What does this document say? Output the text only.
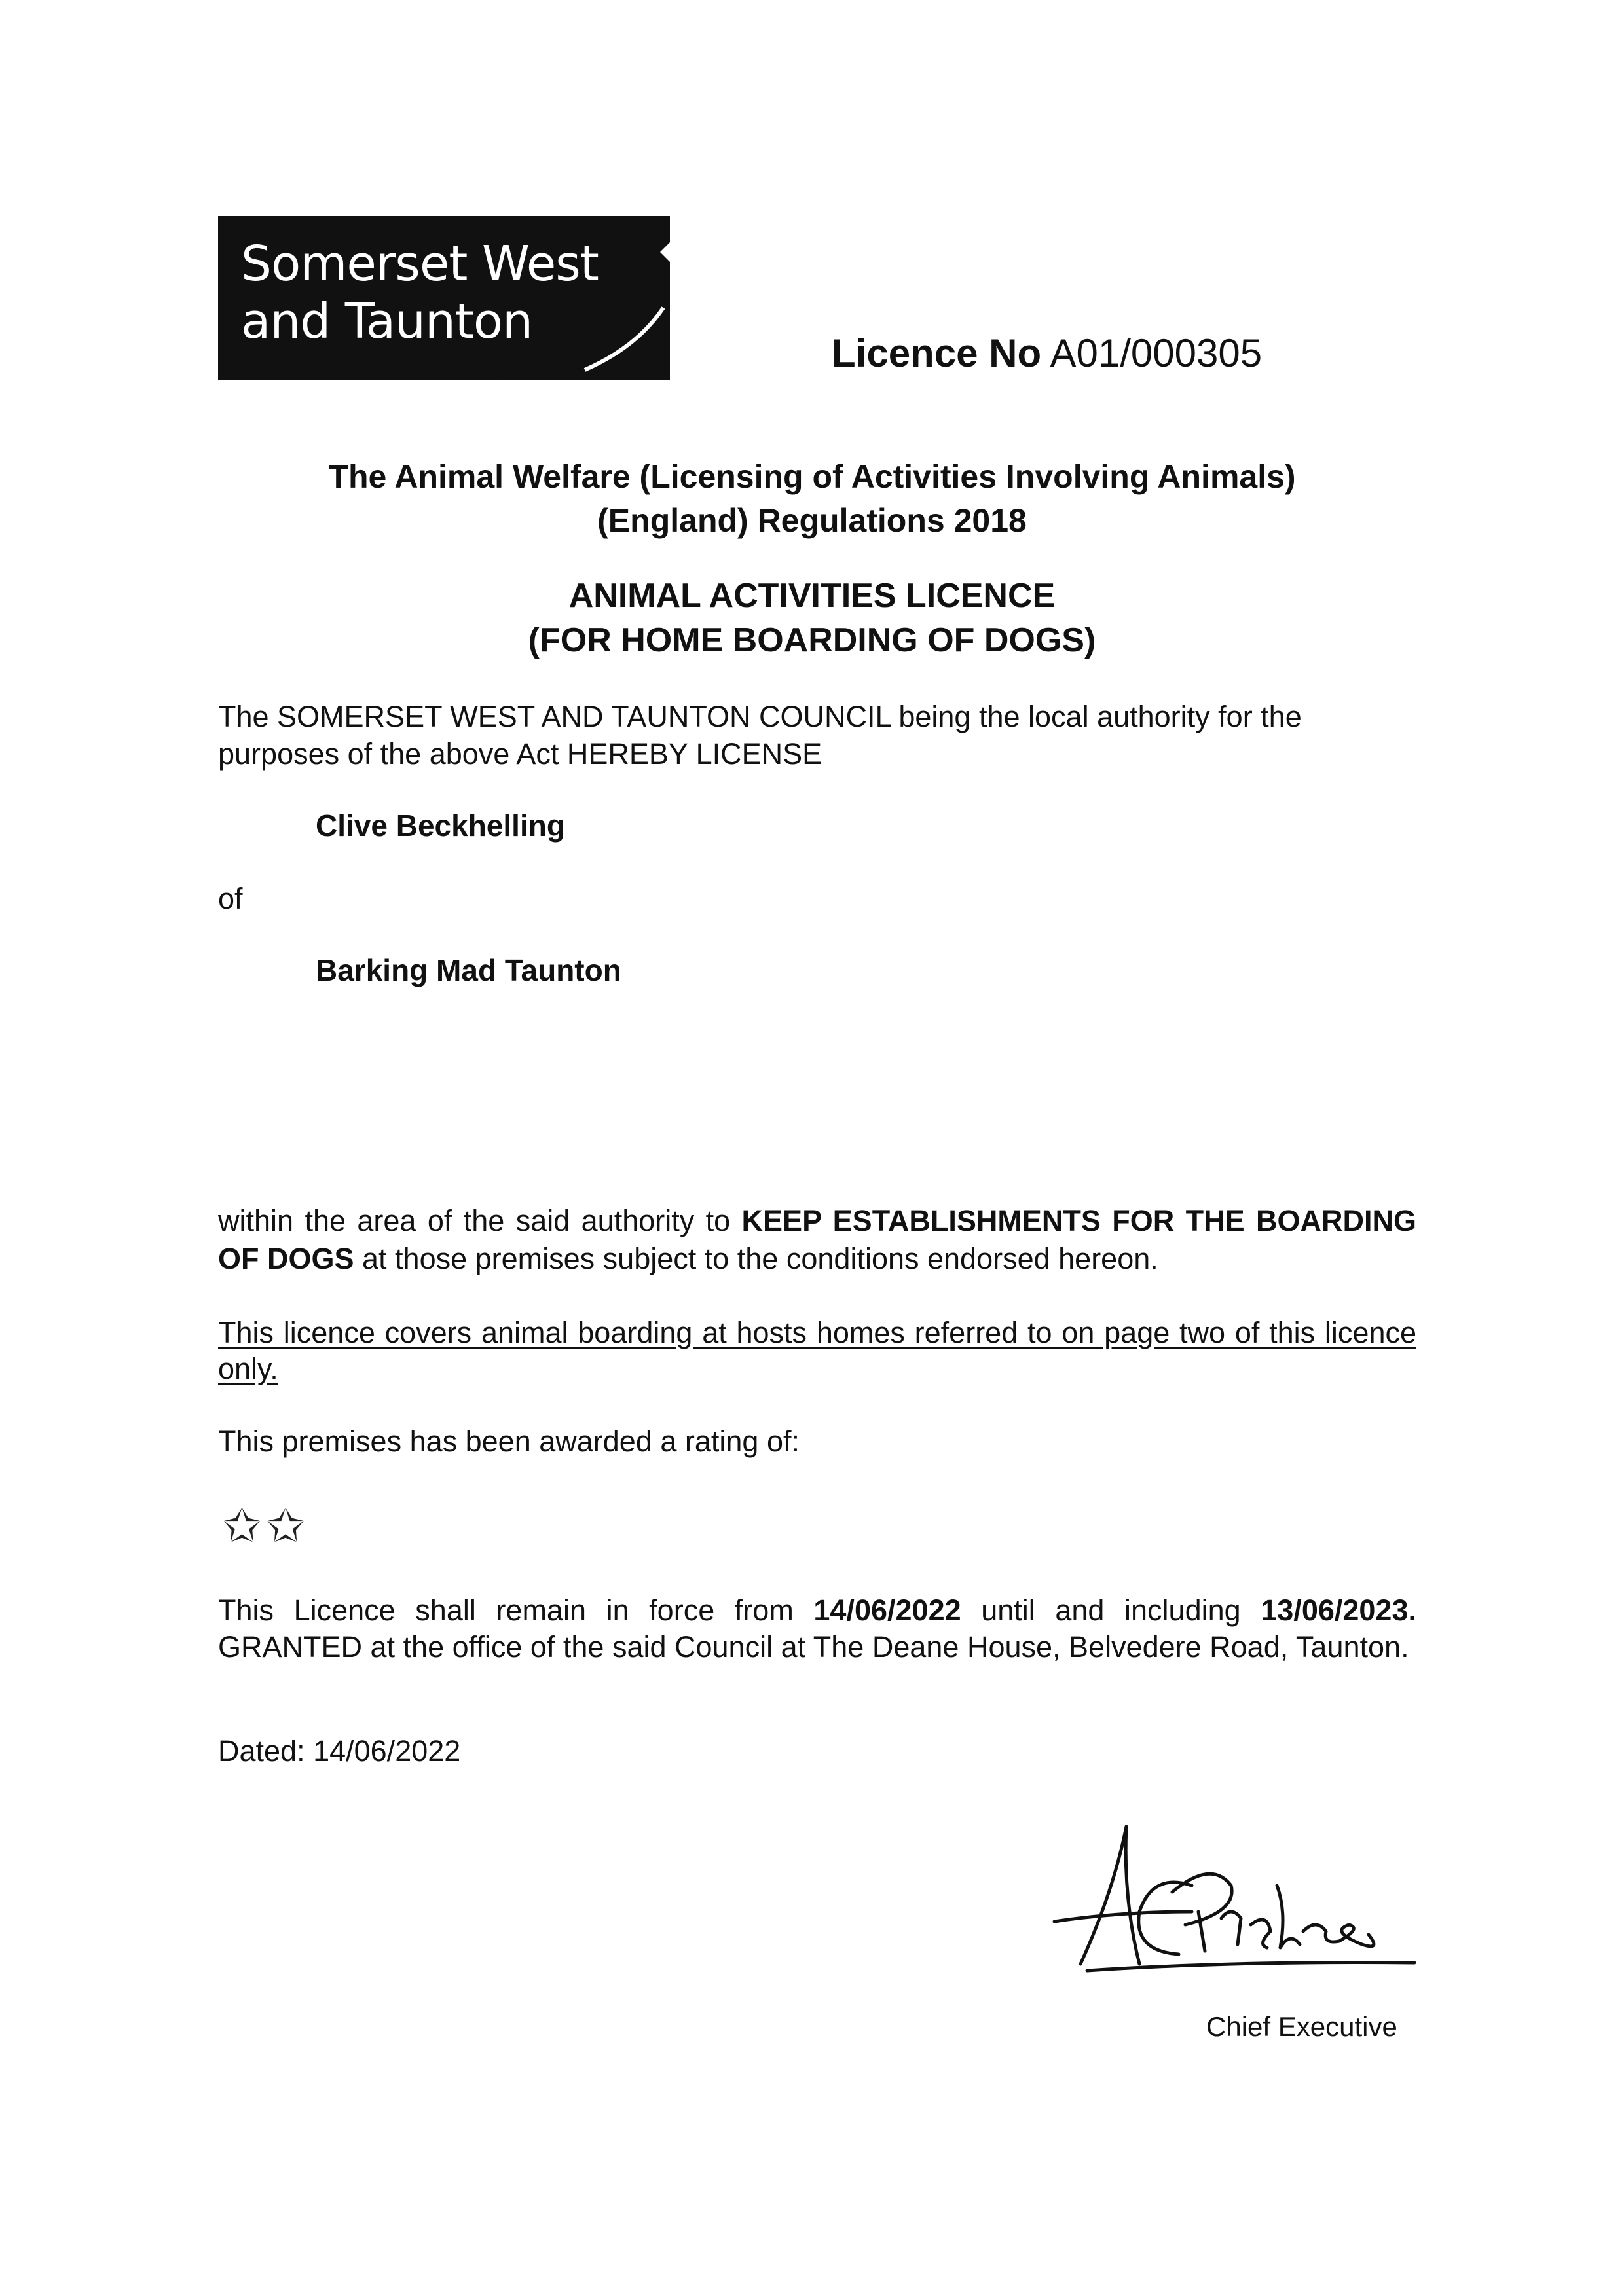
Somerset West
and Taunton
Licence No A01/000305
The Animal Welfare (Licensing of Activities Involving Animals)
(England) Regulations 2018
ANIMAL ACTIVITIES LICENCE
(FOR HOME BOARDING OF DOGS)
The SOMERSET WEST AND TAUNTON COUNCIL being the local authority for the purposes of the above Act HEREBY LICENSE
Clive Beckhelling
of
Barking Mad Taunton
within the area of the said authority to KEEP ESTABLISHMENTS FOR THE BOARDING OF DOGS at those premises subject to the conditions endorsed hereon.
This licence covers animal boarding at hosts homes referred to on page two of this licence only.
This premises has been awarded a rating of:
✩✩
This Licence shall remain in force from 14/06/2022 until and including 13/06/2023. GRANTED at the office of the said Council at The Deane House, Belvedere Road, Taunton.
Dated: 14/06/2022
Chief Executive
